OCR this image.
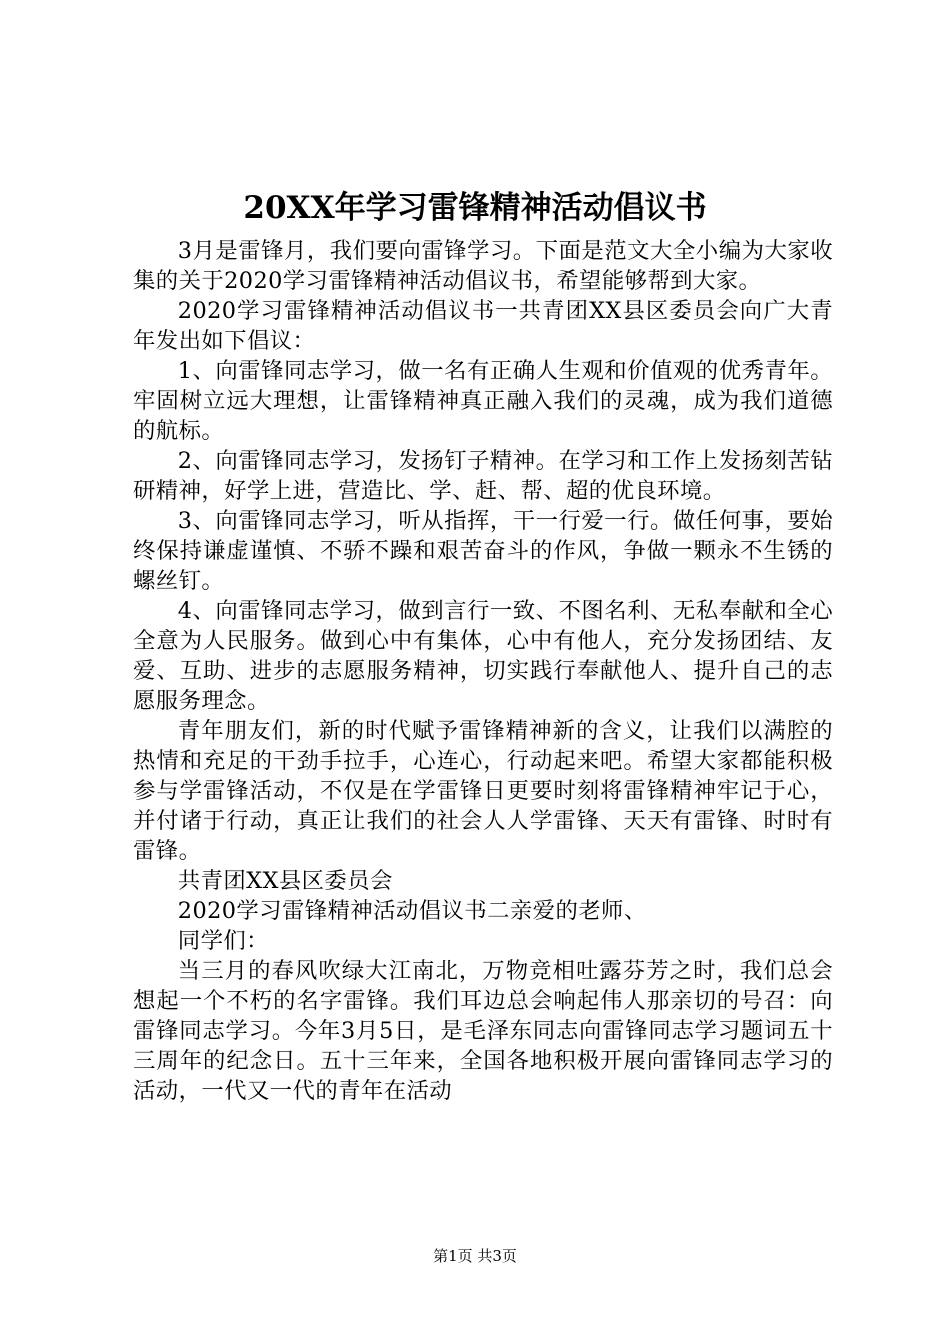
20XX年学习雷锋精神活动倡议书

3月是雷锋月，我们要向雷锋学习。下面是范文大全小编为大家收集的关于2020学习雷锋精神活动倡议书，希望能够帮到大家。

2020学习雷锋精神活动倡议书一共青团XX县区委员会向广大青年发出如下倡议：

1、向雷锋同志学习，做一名有正确人生观和价值观的优秀青年。牢固树立远大理想，让雷锋精神真正融入我们的灵魂，成为我们道德的航标。

2、向雷锋同志学习，发扬钉子精神。在学习和工作上发扬刻苦钻研精神，好学上进，营造比、学、赶、帮、超的优良环境。

3、向雷锋同志学习，听从指挥，干一行爱一行。做任何事，要始终保持谦虚谨慎、不骄不躁和艰苦奋斗的作风，争做一颗永不生锈的螺丝钉。

4、向雷锋同志学习，做到言行一致、不图名利、无私奉献和全心全意为人民服务。做到心中有集体，心中有他人，充分发扬团结、友爱、互助、进步的志愿服务精神，切实践行奉献他人、提升自己的志愿服务理念。

青年朋友们，新的时代赋予雷锋精神新的含义，让我们以满腔的热情和充足的干劲手拉手，心连心，行动起来吧。希望大家都能积极参与学雷锋活动，不仅是在学雷锋日更要时刻将雷锋精神牢记于心，并付诸于行动，真正让我们的社会人人学雷锋、天天有雷锋、时时有雷锋。

共青团XX县区委员会

2020学习雷锋精神活动倡议书二亲爱的老师、

同学们：

当三月的春风吹绿大江南北，万物竞相吐露芬芳之时，我们总会想起一个不朽的名字雷锋。我们耳边总会响起伟人那亲切的号召：向雷锋同志学习。今年3月5日，是毛泽东同志向雷锋同志学习题词五十三周年的纪念日。五十三年来，全国各地积极开展向雷锋同志学习的活动，一代又一代的青年在活动

第1页 共3页
